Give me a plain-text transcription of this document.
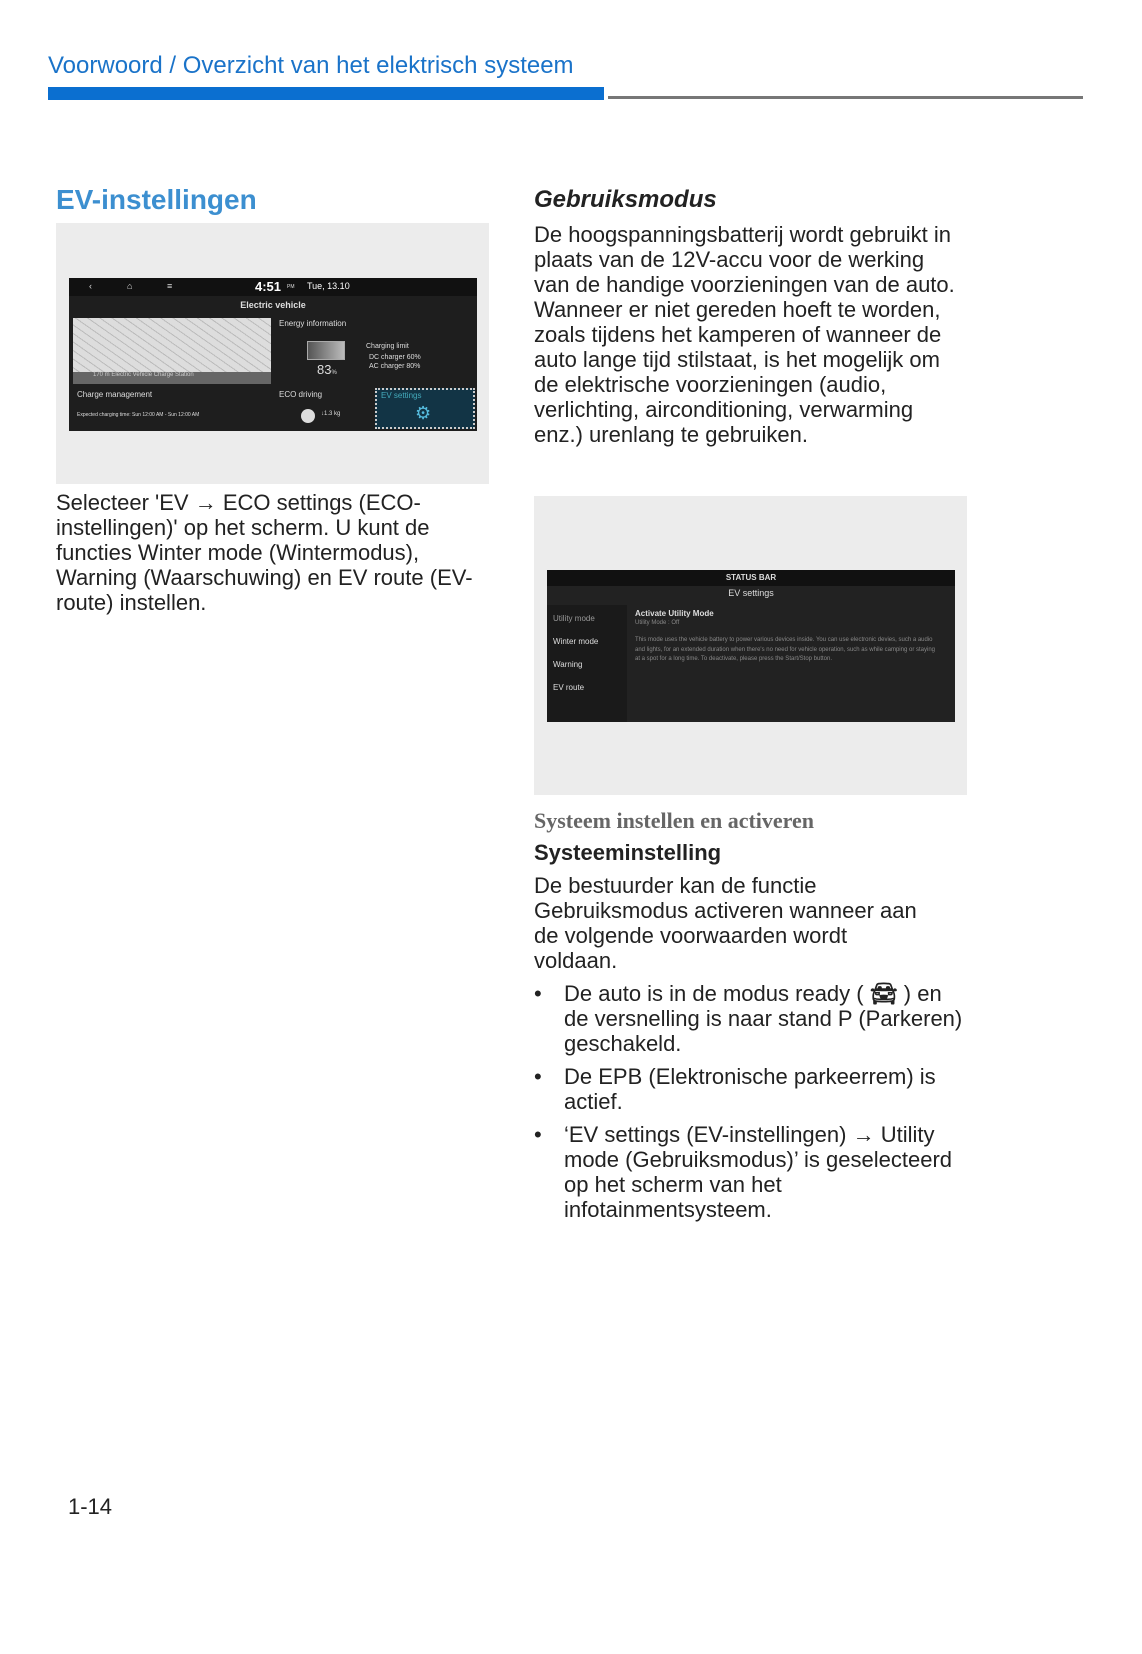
Voorwoord / Overzicht van het elektrisch systeem
EV-instellingen
‹	⌂	≡	4:51 PM Tue, 13.10
Electric vehicle
170 m Electric Vehicle Charge Station
Energy information
83%
Charging limit
DC charger 60%
AC charger 80%
Charge management
Expected charging time: Sun 12:00 AM - Sun 12:00 AM
ECO driving
↓1.3 kg
EV settings
⚙
Selecteer 'EV → ECO settings (ECO-instellingen)' op het scherm. U kunt de functies Winter mode (Wintermodus), Warning (Waarschuwing) en EV route (EV-route) instellen.
Gebruiksmodus
De hoogspanningsbatterij wordt gebruikt in plaats van de 12V-accu voor de werking van de handige voorzieningen van de auto. Wanneer er niet gereden hoeft te worden, zoals tijdens het kamperen of wanneer de auto lange tijd stilstaat, is het mogelijk om de elektrische voorzieningen (audio, verlichting, airconditioning, verwarming enz.) urenlang te gebruiken.
STATUS BAR
EV settings
Utility mode
Winter mode
Warning
EV route
Activate Utility Mode
Utility Mode : Off
This mode uses the vehicle battery to power various devices inside. You can use electronic devies, such a audio and lights, for an extended duration when there's no need for vehicle operation, such as while camping or staying at a spot for a long time. To deactivate, please press the Start/Stop button.
Systeem instellen en activeren
Systeeminstelling
De bestuurder kan de functie Gebruiksmodus activeren wanneer aan de volgende voorwaarden wordt voldaan.
• De auto is in de modus ready ( 🚘︎ ) en de versnelling is naar stand P (Parkeren) geschakeld.
• De EPB (Elektronische parkeerrem) is actief.
• ‘EV settings (EV-instellingen) → Utility mode (Gebruiksmodus)’ is geselecteerd op het scherm van het infotainmentsysteem.
1-14
